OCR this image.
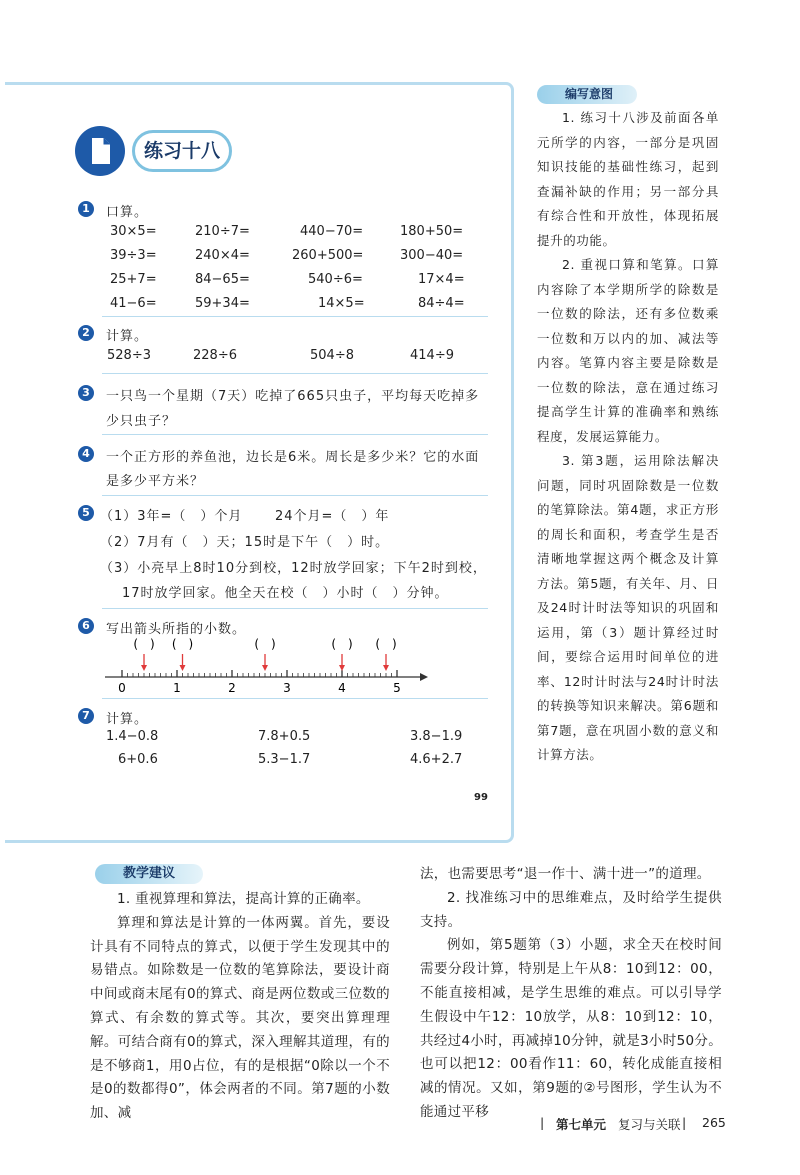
练习十八
1	口算。
30×5=	210÷7=	440−70=	180+50=
39÷3=	240×4=	260+500=	300−40=
25+7=	84−65=	540÷6=	17×4=
41−6=	59+34=	14×5=	84÷4=
2	计算。
528÷3	228÷6	504÷8	414÷9
3	一只鸟一个星期（7天）吃掉了665只虫子，平均每天吃掉多
少只虫子？
4	一个正方形的养鱼池，边长是6米。周长是多少米？它的水面
是多少平方米？
5 （1）3年=（　）个月	24个月=（　）年
（2）7月有（　）天；15时是下午（　）时。
（3）小亮早上8时10分到校，12时放学回家；下午2时到校，
17时放学回家。他全天在校（　）小时（　）分钟。
6	写出箭头所指的小数。
0	1	2	3	4	5
(　) (　)	(　)	(　) (　)
7	计算。
1.4−0.8	7.8+0.5	3.8−1.9
6+0.6	5.3−1.7	4.6+2.7
99
编写意图

1. 练习十八涉及前面各单元所学的内容，一部分是巩固知识技能的基础性练习，起到查漏补缺的作用；另一部分具有综合性和开放性，体现拓展提升的功能。

2. 重视口算和笔算。口算内容除了本学期所学的除数是一位数的除法，还有多位数乘一位数和万以内的加、减法等内容。笔算内容主要是除数是一位数的除法，意在通过练习提高学生计算的准确率和熟练程度，发展运算能力。

3. 第3题，运用除法解决问题，同时巩固除数是一位数的笔算除法。第4题，求正方形的周长和面积，考查学生是否清晰地掌握这两个概念及计算方法。第5题，有关年、月、日及24时计时法等知识的巩固和运用，第（3）题计算经过时间，要综合运用时间单位的进率、12时计时法与24时计时法的转换等知识来解决。第6题和第7题，意在巩固小数的意义和计算方法。

教学建议

1. 重视算理和算法，提高计算的正确率。

算理和算法是计算的一体两翼。首先，要设计具有不同特点的算式，以便于学生发现其中的易错点。如除数是一位数的笔算除法，要设计商中间或商末尾有0的算式、商是两位数或三位数的算式、有余数的算式等。其次，要突出算理理解。可结合商有0的算式，深入理解其道理，有的是不够商1，用0占位，有的是根据“0除以一个不是0的数都得0”，体会两者的不同。第7题的小数加、减

法，也需要思考“退一作十、满十进一”的道理。

2. 找准练习中的思维难点，及时给学生提供支持。

例如，第5题第（3）小题，求全天在校时间需要分段计算，特别是上午从8：10到12：00，不能直接相减，是学生思维的难点。可以引导学生假设中午12：10放学，从8：10到12：10，共经过4小时，再减掉10分钟，就是3小时50分。也可以把12：00看作11：60，转化成能直接相减的情况。又如，第9题的②号图形，学生认为不能通过平移

| 第七单元 复习与关联 | 265
